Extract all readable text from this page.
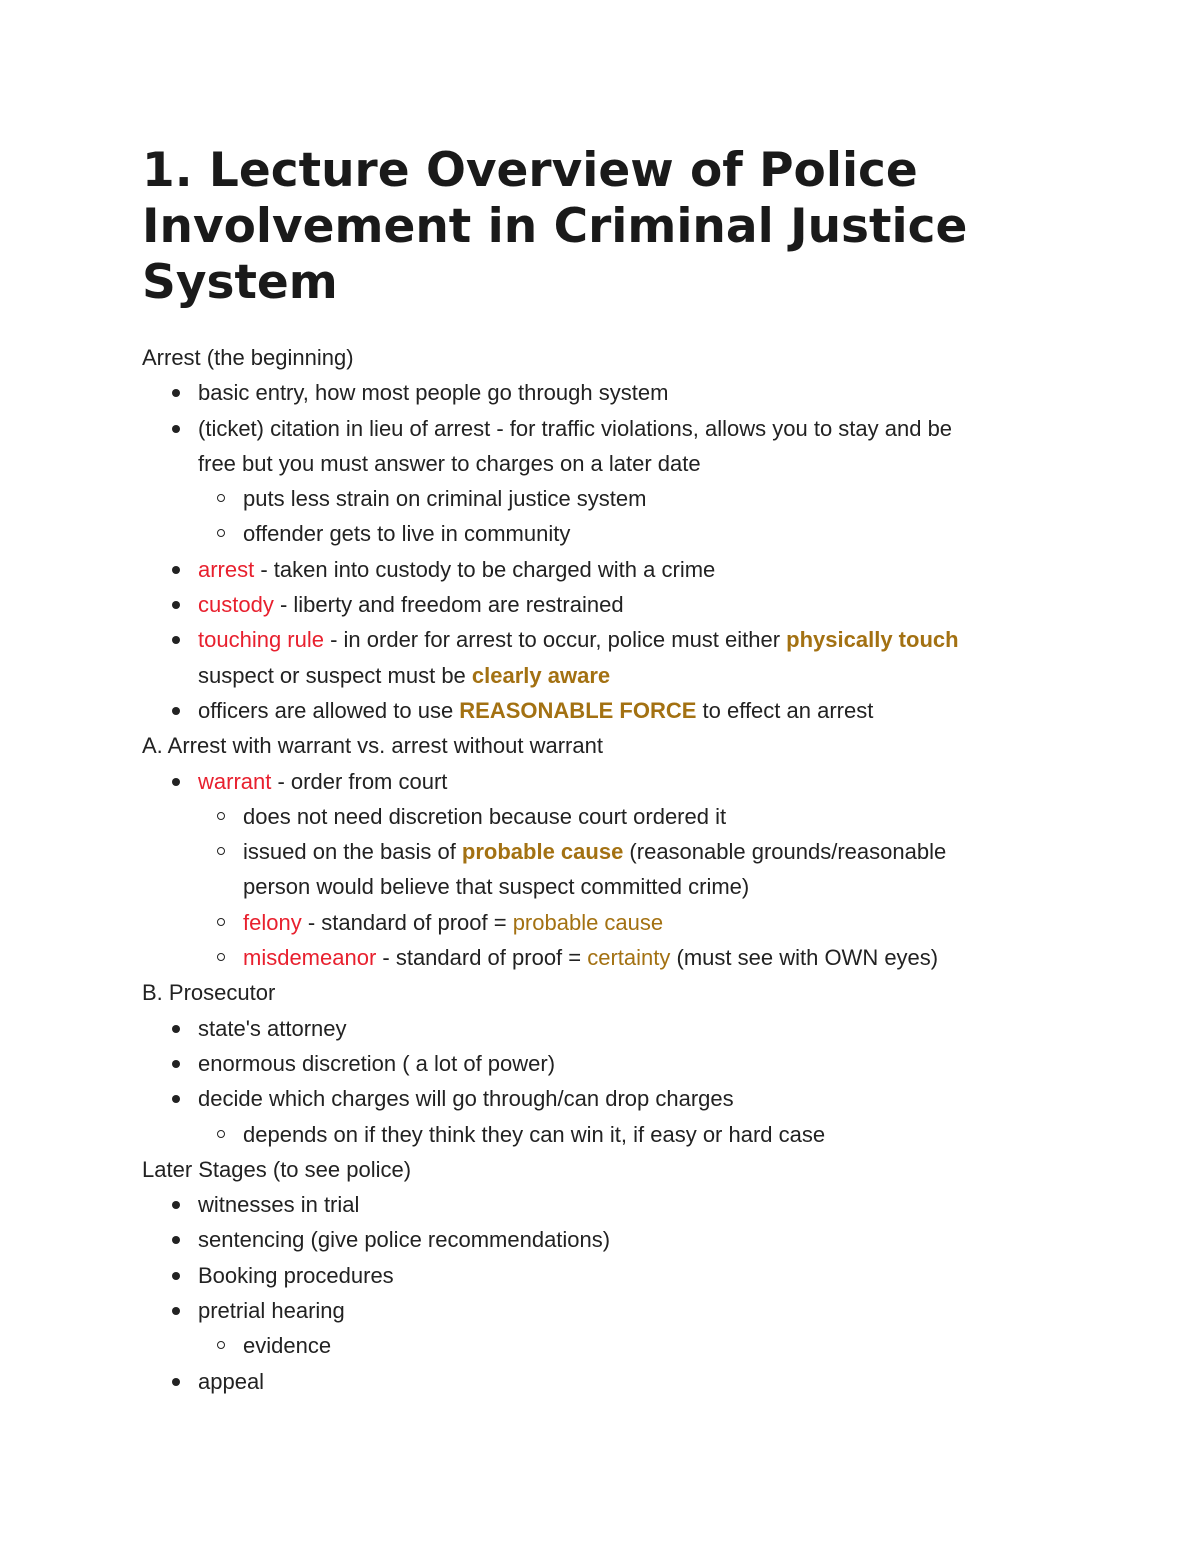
1. Lecture Overview of Police Involvement in Criminal Justice System
Arrest (the beginning)
basic entry, how most people go through system
(ticket) citation in lieu of arrest - for traffic violations, allows you to stay and be
free but you must answer to charges on a later date
puts less strain on criminal justice system
offender gets to live in community
arrest - taken into custody to be charged with a crime
custody - liberty and freedom are restrained
touching rule - in order for arrest to occur, police must either physically touch
suspect or suspect must be clearly aware
officers are allowed to use REASONABLE FORCE to effect an arrest
A. Arrest with warrant vs. arrest without warrant
warrant - order from court
does not need discretion because court ordered it
issued on the basis of probable cause (reasonable grounds/reasonable
person would believe that suspect committed crime)
felony - standard of proof = probable cause
misdemeanor - standard of proof = certainty (must see with OWN eyes)
B. Prosecutor
state's attorney
enormous discretion ( a lot of power)
decide which charges will go through/can drop charges
depends on if they think they can win it, if easy or hard case
Later Stages (to see police)
witnesses in trial
sentencing (give police recommendations)
Booking procedures
pretrial hearing
evidence
appeal
